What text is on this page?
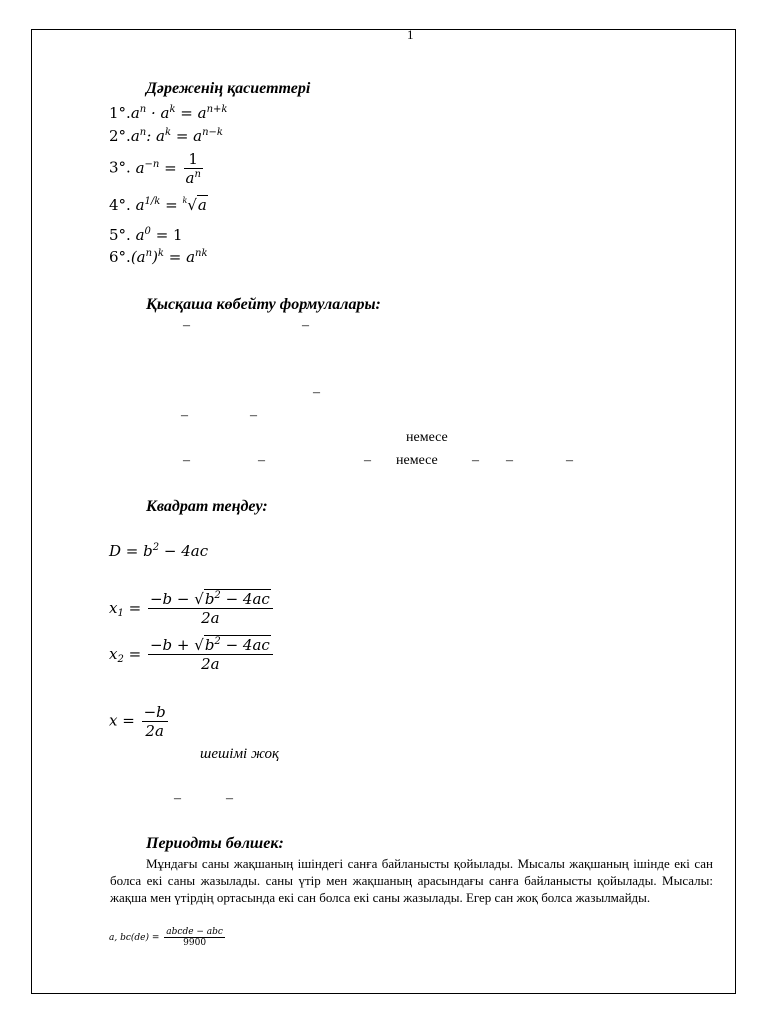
1
Дәреженің қасиеттері
$1^\circ.a^n \cdot a^k = a^{n+k}$
$2^\circ.a^n$: $a^k = a^{n-k}$
3°. $a^{-n} = \frac{1}{a^n}$
4°. $a^{1/k} = ^k√a$
5°. $a^0 = 1$
$6^\circ.(a^n)^k = a^{nk}$
Қысқаша көбейту формулалары:
–	–
–
–	–
немесе
–	–	– немесе – –	–
Квадрат теңдеу:
$D = b^2 - 4ac$
$x_1 = \frac{-b - √b^2 - 4ac}{2a}$
$x_2 = \frac{-b + √b^2 - 4ac}{2a}$
$x = \frac{-b}{2a}$
шешімі жоқ
–	–
Периодты бөлшек:
Мұндағы саны жақшаның ішіндегі санға байланысты қойылады. Мысалы жақшаның ішінде екі сан болса екі саны жазылады. саны үтір мен жақшаның арасындағы санға байланысты қойылады. Мысалы: жақша мен үтірдің ортасында екі сан болса екі саны жазылады. Егер сан жоқ болса жазылмайды.
a, $bc(de) = \frac{\text{abcde − abc}}{9900}$
